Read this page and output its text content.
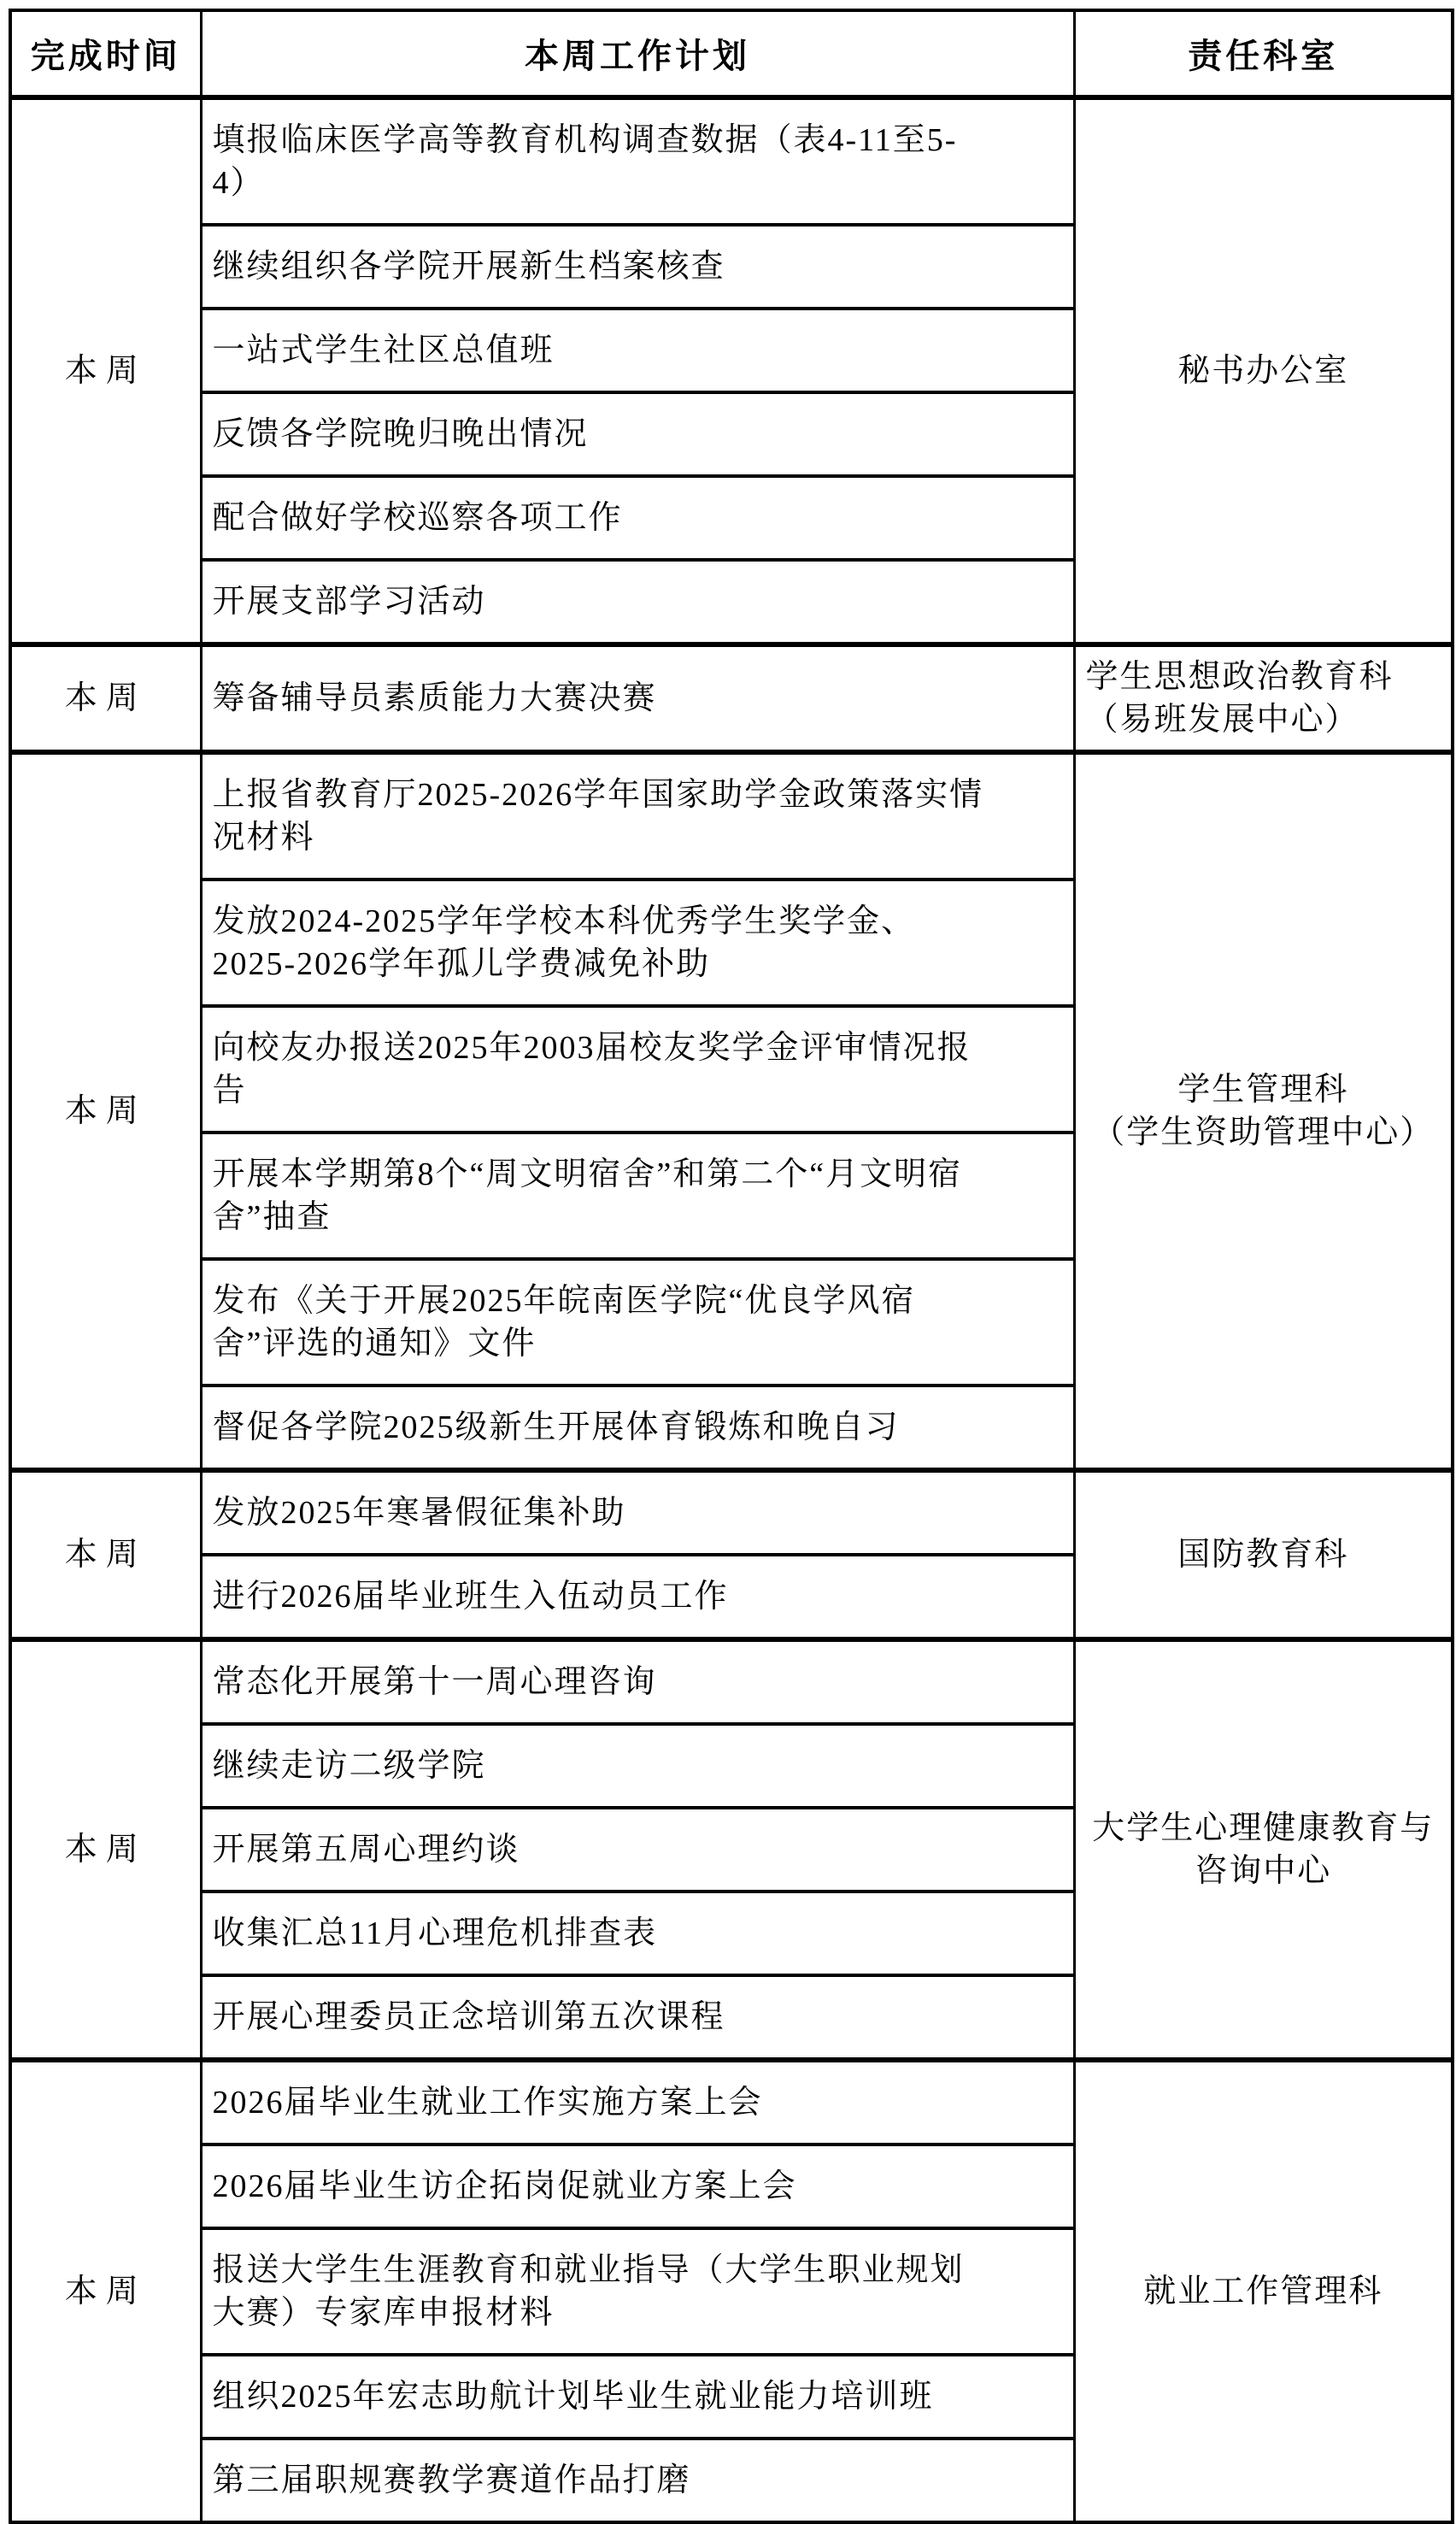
完成时间	本周工作计划	责任科室
本周	填报临床医学高等教育机构调查数据（表4-11至5-4）	秘书办公室

	继续组织各学院开展新生档案核查	
	一站式学生社区总值班	
	反馈各学院晚归晚出情况	
	配合做好学校巡察各项工作	
	开展支部学习活动	
本周	筹备辅导员素质能力大赛决赛	学生思想政治教育科
（易班发展中心）

本周	上报省教育厅2025-2026学年国家助学金政策落实情况材料	学生管理科
（学生资助管理中心）

	发放2024-2025学年学校本科优秀学生奖学金、2025-2026学年孤儿学费减免补助	
	向校友办报送2025年2003届校友奖学金评审情况报告	
	开展本学期第8个“周文明宿舍”和第二个“月文明宿舍”抽查	
	发布《关于开展2025年皖南医学院“优良学风宿舍”评选的通知》文件	
	督促各学院2025级新生开展体育锻炼和晚自习	
本周	发放2025年寒暑假征集补助	国防教育科

	进行2026届毕业班生入伍动员工作	
本周	常态化开展第十一周心理咨询	大学生心理健康教育与
咨询中心

	继续走访二级学院	
	开展第五周心理约谈	
	收集汇总11月心理危机排查表	
	开展心理委员正念培训第五次课程	
本周	2026届毕业生就业工作实施方案上会	就业工作管理科

	2026届毕业生访企拓岗促就业方案上会	
	报送大学生生涯教育和就业指导（大学生职业规划大赛）专家库申报材料	
	组织2025年宏志助航计划毕业生就业能力培训班	
	第三届职规赛教学赛道作品打磨	
